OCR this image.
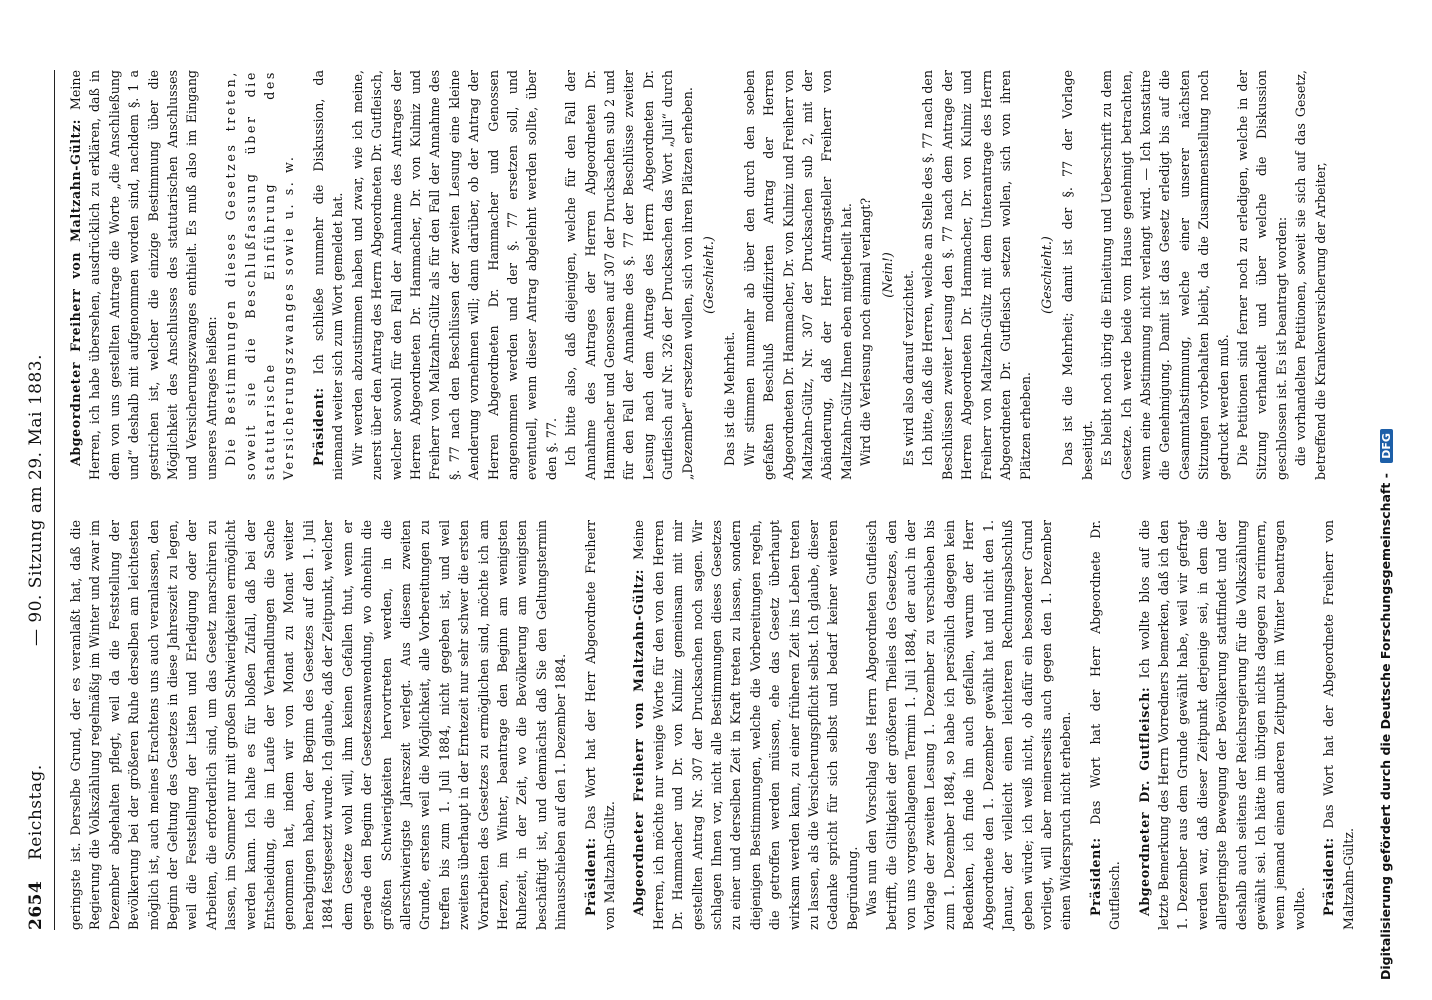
2654
Reichstag.
— 90. Sitzung am 29. Mai 1883.

geringste ist. Derselbe Grund, der es veranlaßt hat, daß die Regierung die Volkszählung regelmäßig im Winter und zwar im Dezember abgehalten pflegt, weil da die Feststellung der Bevölkerung bei der größeren Ruhe derselben am leichtesten möglich ist, auch meines Erachtens uns auch veranlassen, den Beginn der Geltung des Gesetzes in diese Jahreszeit zu legen, weil die Feststellung der Listen und Erledigung oder der Arbeiten, die erforderlich sind, um das Gesetz marschiren zu lassen, im Sommer nur mit großen Schwierigkeiten ermöglicht werden kann. Ich halte es für bloßen Zufall, daß bei der Entscheidung, die im Laufe der Verhandlungen die Sache genommen hat, indem wir von Monat zu Monat weiter herabgingen haben, der Beginn des Gesetzes auf den 1. Juli 1884 festgesetzt wurde. Ich glaube, daß der Zeitpunkt, welcher dem Gesetze wohl will, ihm keinen Gefallen thut, wenn er gerade den Beginn der Gesetzesanwendung, wo ohnehin die größten Schwierigkeiten hervortreten werden, in die allerschwierigste Jahreszeit verlegt. Aus diesem zweiten Grunde, erstens weil die Möglichkeit, alle Vorbereitungen zu treffen bis zum 1. Juli 1884, nicht gegeben ist, und weil zweitens überhaupt in der Erntezeit nur sehr schwer die ersten Vorarbeiten des Gesetzes zu ermöglichen sind, möchte ich am Herzen, im Winter, beantrage den Beginn am wenigsten Ruhezeit, in der Zeit, wo die Bevölkerung am wenigsten beschäftigt ist, und demnächst daß Sie den Geltungstermin hinausschieben auf den 1. Dezember 1884. Präsident: Das Wort hat der Herr Abgeordnete Freiherr von Maltzahn-Gültz. Abgeordneter Freiherr von Maltzahn-Gültz: Meine Herren, ich möchte nur wenige Worte für den von den Herren Dr. Hammacher und Dr. von Kulmiz gemeinsam mit mir gestellten Antrag Nr. 307 der Drucksachen noch sagen. Wir schlagen Ihnen vor, nicht alle Bestimmungen dieses Gesetzes zu einer und derselben Zeit in Kraft treten zu lassen, sondern diejenigen Bestimmungen, welche die Vorbereitungen regeln, die getroffen werden müssen, ehe das Gesetz überhaupt wirksam werden kann, zu einer früheren Zeit ins Leben treten zu lassen, als die Versicherungspflicht selbst. Ich glaube, dieser Gedanke spricht für sich selbst und bedarf keiner weiteren Begründung. Was nun den Vorschlag des Herrn Abgeordneten Gutfleisch betrifft, die Giltigkeit der größeren Theiles des Gesetzes, den von uns vorgeschlagenen Termin 1. Juli 1884, der auch in der Vorlage der zweiten Lesung 1. Dezember zu verschieben bis zum 1. Dezember 1884, so habe ich persönlich dagegen kein Bedenken, ich finde ihn auch gefallen, warum der Herr Abgeordnete den 1. Dezember gewählt hat und nicht den 1. Januar, der vielleicht einen leichteren Rechnungsabschluß geben würde; ich weiß nicht, ob dafür ein besonderer Grund vorliegt, will aber meinerseits auch gegen den 1. Dezember einen Widerspruch nicht erheben. Präsident: Das Wort hat der Herr Abgeordnete Dr. Gutfleisch. Abgeordneter Dr. Gutfleisch: Ich wollte blos auf die letzte Bemerkung des Herrn Vorredners bemerken, daß ich den 1. Dezember aus dem Grunde gewählt habe, weil wir gefragt werden war, daß dieser Zeitpunkt derjenige sei, in dem die allergeringste Bewegung der Bevölkerung stattfindet und der deshalb auch seitens der Reichsregierung für die Volkszählung gewählt sei. Ich hätte im übrigen nichts dagegen zu erinnern, wenn jemand einen anderen Zeitpunkt im Winter beantragen wollte. Präsident: Das Wort hat der Abgeordnete Freiherr von Maltzahn-Gültz.

Abgeordneter Freiherr von Maltzahn-Gültz: Meine Herren, ich habe übersehen, ausdrücklich zu erklären, daß in dem von uns gestellten Antrage die Worte „die Anschließung und“ deshalb mit aufgenommen worden sind, nachdem §. 1 a gestrichen ist, welcher die einzige Bestimmung über die Möglichkeit des Anschlusses des statutarischen Anschlusses und Versicherungszwanges enthielt. Es muß also im Eingang unseres Antrages heißen: Die Bestimmungen dieses Gesetzes treten, soweit sie die Beschlußfassung über die statutarische Einführung des Versicherungszwanges sowie u. s. w. Präsident: Ich schließe nunmehr die Diskussion, da niemand weiter sich zum Wort gemeldet hat. Wir werden abzustimmen haben und zwar, wie ich meine, zuerst über den Antrag des Herrn Abgeordneten Dr. Gutfleisch, welcher sowohl für den Fall der Annahme des Antrages der Herren Abgeordneten Dr. Hammacher, Dr. von Kulmiz und Freiherr von Maltzahn-Gültz als für den Fall der Annahme des §. 77 nach den Beschlüssen der zweiten Lesung eine kleine Aenderung vornehmen will; dann darüber, ob der Antrag der Herren Abgeordneten Dr. Hammacher und Genossen angenommen werden und der §. 77 ersetzen soll, und eventuell, wenn dieser Antrag abgelehnt werden sollte, über den §. 77. Ich bitte also, daß diejenigen, welche für den Fall der Annahme des Antrages der Herren Abgeordneten Dr. Hammacher und Genossen auf 307 der Drucksachen sub 2 und für den Fall der Annahme des §. 77 der Beschlüsse zweiter Lesung nach dem Antrage des Herrn Abgeordneten Dr. Gutfleisch auf Nr. 326 der Drucksachen das Wort „Juli“ durch „Dezember“ ersetzen wollen, sich von ihren Plätzen erheben. (Geschieht.)

Das ist die Mehrheit. Wir stimmen nunmehr ab über den durch den soeben gefaßten Beschluß modifizirten Antrag der Herren Abgeordneten Dr. Hammacher, Dr. von Kulmiz und Freiherr von Maltzahn-Gültz, Nr. 307 der Drucksachen sub 2, mit der Abänderung, daß der Herr Antragsteller Freiherr von Maltzahn-Gültz Ihnen eben mitgetheilt hat. Wird die Verlesung noch einmal verlangt? (Nein!) Es wird also darauf verzichtet. Ich bitte, daß die Herren, welche an Stelle des §. 77 nach den Beschlüssen zweiter Lesung den §. 77 nach dem Antrage der Herren Abgeordneten Dr. Hammacher, Dr. von Kulmiz und Freiherr von Maltzahn-Gültz mit dem Unterantrage des Herrn Abgeordneten Dr. Gutfleisch setzen wollen, sich von ihren Plätzen erheben.

(Geschieht.) Das ist die Mehrheit; damit ist der §. 77 der Vorlage beseitigt. Es bleibt noch übrig die Einleitung und Ueberschrift zu dem Gesetze. Ich werde beide vom Hause genehmigt betrachten, wenn eine Abstimmung nicht verlangt wird. — Ich konstatire die Genehmigung. Damit ist das Gesetz erledigt bis auf die Gesammtabstimmung, welche einer unserer nächsten Sitzungen vorbehalten bleibt, da die Zusammenstellung noch gedruckt werden muß. Die Petitionen sind ferner noch zu erledigen, welche in der Sitzung verhandelt und über welche die Diskussion geschlossen ist. Es ist beantragt worden: die vorhandelten Petitionen, soweit sie sich auf das Gesetz, betreffend die Krankenversicherung der Arbeiter,

Digitalisierung gefördert durch die Deutsche Forschungsgemeinschaft - DFG
